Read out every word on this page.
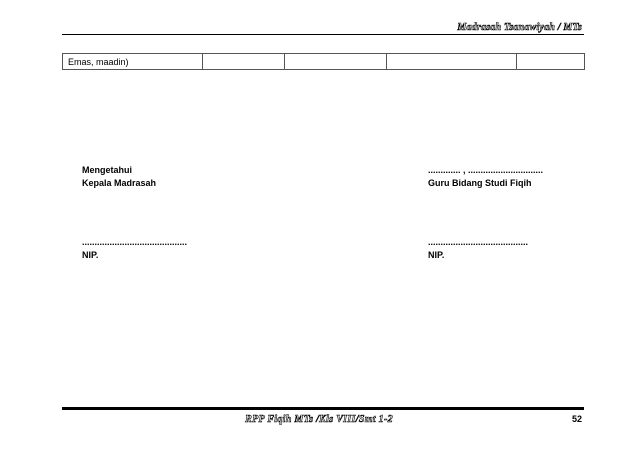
Madrasah Tsanawiyah / MTs
Emas, maadin)				
Mengetahui
Kepala Madrasah
..........................................
NIP.
............. , ..............................
Guru Bidang Studi Fiqih
........................................
NIP.
RPP Fiqih MTs /Kls VIII/Smt 1-2	52
